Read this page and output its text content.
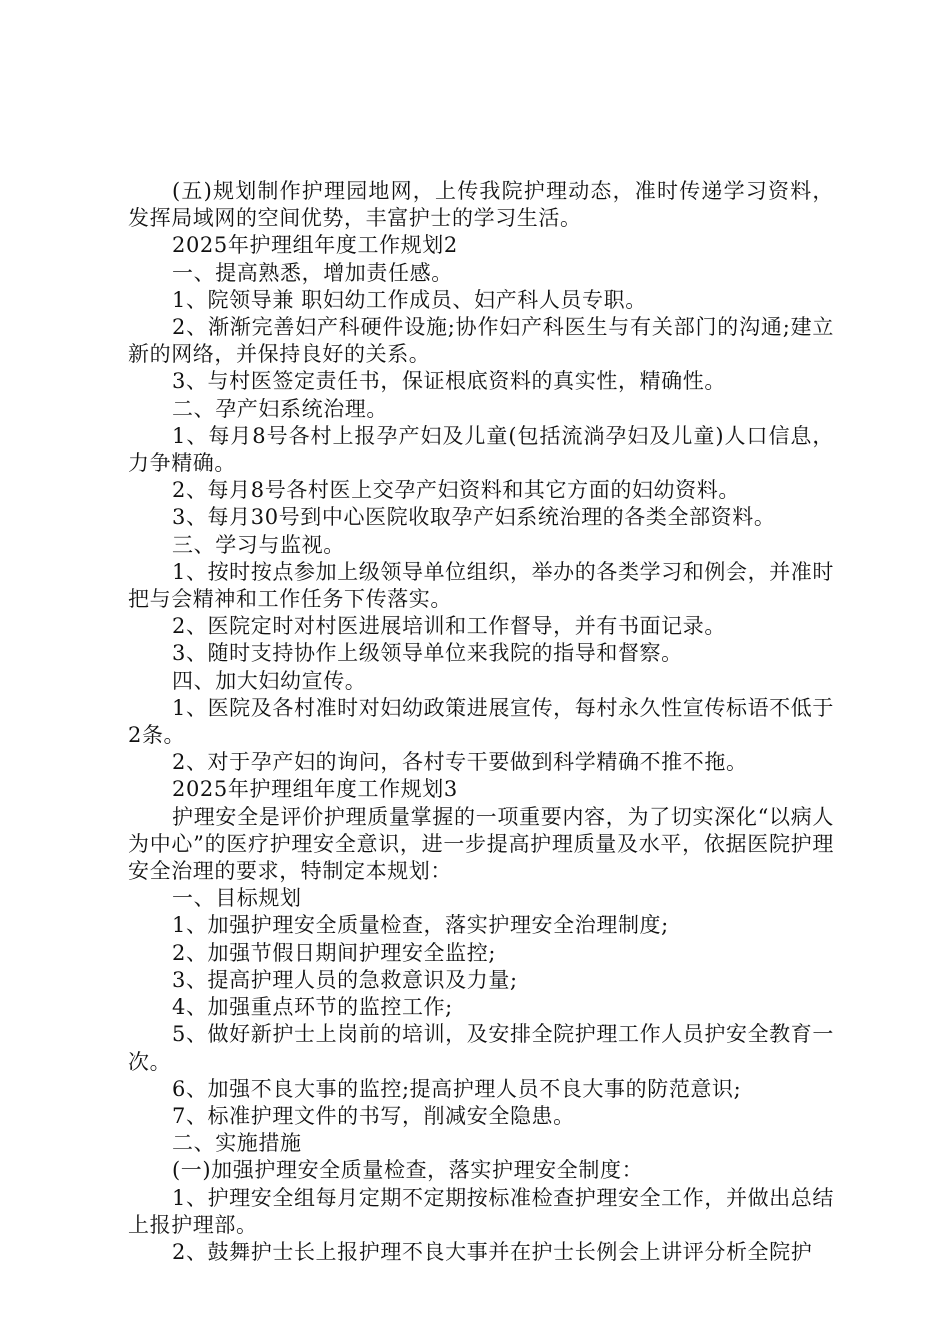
(五)规划制作护理园地网，上传我院护理动态，准时传递学习资料，发挥局域网的空间优势，丰富护士的学习生活。

2025年护理组年度工作规划2

一、提高熟悉，增加责任感。

1、院领导兼 职妇幼工作成员、妇产科人员专职。

2、渐渐完善妇产科硬件设施;协作妇产科医生与有关部门的沟通;建立新的网络，并保持良好的关系。

3、与村医签定责任书，保证根底资料的真实性，精确性。

二、孕产妇系统治理。

1、每月8号各村上报孕产妇及儿童(包括流淌孕妇及儿童)人口信息，力争精确。

2、每月8号各村医上交孕产妇资料和其它方面的妇幼资料。

3、每月30号到中心医院收取孕产妇系统治理的各类全部资料。

三、学习与监视。

1、按时按点参加上级领导单位组织，举办的各类学习和例会，并准时把与会精神和工作任务下传落实。

2、医院定时对村医进展培训和工作督导，并有书面记录。

3、随时支持协作上级领导单位来我院的指导和督察。

四、加大妇幼宣传。

1、医院及各村准时对妇幼政策进展宣传，每村永久性宣传标语不低于2条。

2、对于孕产妇的询问，各村专干要做到科学精确不推不拖。

2025年护理组年度工作规划3

护理安全是评价护理质量掌握的一项重要内容，为了切实深化“以病人为中心”的医疗护理安全意识，进一步提高护理质量及水平，依据医院护理安全治理的要求，特制定本规划：

一、目标规划

1、加强护理安全质量检查，落实护理安全治理制度;

2、加强节假日期间护理安全监控;

3、提高护理人员的急救意识及力量;

4、加强重点环节的监控工作;

5、做好新护士上岗前的培训，及安排全院护理工作人员护安全教育一次。

6、加强不良大事的监控;提高护理人员不良大事的防范意识;

7、标准护理文件的书写，削减安全隐患。

二、实施措施

(一)加强护理安全质量检查，落实护理安全制度：

1、护理安全组每月定期不定期按标准检查护理安全工作，并做出总结上报护理部。

2、鼓舞护士长上报护理不良大事并在护士长例会上讲评分析全院护
